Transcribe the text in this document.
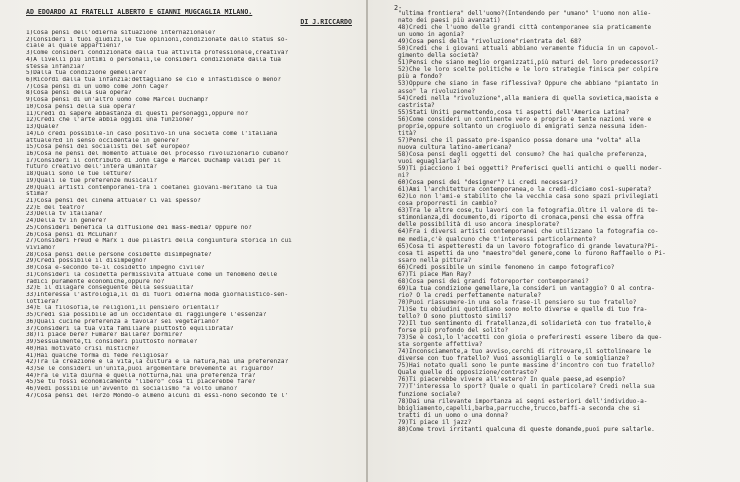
AD EDOARDO AI FRATELLI ALBERTO E GIANNI MUGCAGLIA MILANO.
DI J.RICCARDO
1)Cosa pensi dell'odierna situazione internazionale?
2)Consideri i tuoi giudizi,le tue opinioni,condizionate dallo status so-
ciale al quale appartieni?
3)Come consideri condizionate dalla tua attività professionale,creativa?
4)A livelli più intimi o personali,le consideri condizionate dalla tua
stessa infanzia?
5)Dalla tua condizione gemellare?
6)Ricordi dalla tua infanzia:dettagliano se ciò è infastidisce o meno?
7)Cosa pensi di un uomo come John Cage?
8)Cosa pensi della sua opera?
9)Cosa pensi di un'altro uomo come Marcel Duchamp?
10)Cosa pensi della sua opera?
11)Credi di sapere abbastanza di questi personaggi,oppure no?
12)Credi che l'arte abbia oggidì una funzione?
13)Quale?
14)Lo credi possibile-in caso positivo-in una società come l'italiana
attuale?Ed in senso occidentale in genere?
15)Cosa pensi dei socialisti del set europeo?
16)Cosa ne pensi del momento attuale del processo rivoluzionario cubano?
17)Consideri il contributo di John Cage e Marcel Duchamp validi per il
futuro creativo dell'intera umanità?
18)Quali sono le tue letture?
19)Quali le tue preferenze musicali?
20)Quali artisti contemporanei-tra i coetanei giovani-meritano la tua
stima?
21)Cosa pensi del cinema attuale? Ci vai spesso?
22)E del teatro?
23)Della tv italiana?
24)Della tv in genere?
25)Consideri benefica la diffusione dei mass-media? Oppure no?
26)Cosa pensi di McLuhan?
27)Consideri Freud e Marx i due pilastri della congiuntura storica in cui
viviamo?
28)Cosa pensi delle persone cosidette disimpegnate?
29)Credi possibile il disimpegno?
30)Cosa è-secondo te-il cosidetto impegno civile?
31)Consideri la cosidetta permissività attuale come un fenomeno delle
radici puramente economiche,oppure no?
32)E il dilagare conseguente della sessualità?
33)Interessa l'astrologia,il di di fuori odierna moda giornalistico-sen-
lottiera?
34)E la filosofia,le religioni,il pensiero orientali?
35)Credi sia possibile ad un occidentale di raggiungere l'essenza?
36)Quali cucine preferenza a tavola? sei vegetariano?
37)Consideri la tua vita familiare piuttosto equilibrata?
38)Ti piace bere? Fumare? Ballare? Dormire?
39)Sessualmente,ti consideri piuttosto normale?
40)Hai motivato crisi mistiche?
41)Hai qualche forma di fede religiosa?
42)Tra la creazione e la vita,la cultura e la natura,hai una preferenza?
43)Se le consideri un'unità,puoi argomentare brevemente al riguardo?
44)Fra le vita diurna e quella notturna,hai una preferenza fra?
45)Se tu fossi economicamente "libero" cosa ti piacerebbe fare?
46)Vedi possibile un'avvento di socialismo "a volto umano?
47)Cosa pensi del Terzo Mondo-o almeno alcuni di essi-nono secondo te l'
2-
"ultima frontiera" dell'uomo?(Intendendo per "umano" l'uomo non alie-
nato dei paesi più avanzati)
48)Credi che l'uomo delle grandi città contemporanee sia praticamente
un uomo in agonia?
49)Cosa pensi della "rivoluzione"rientrata del 68?
50)Credi che i giovani attuali abbiano veramente fiducia in un capovol-
gimento della società?
51)Pensi che siano meglio organizzati,più maturi del loro predecessori?
52)Che le loro scelte politiche e le loro strategie finisca per colpire
più a fondo?
53)Oppure che siano in fase riflessiva? Oppure che abbiano "piantato in
asso" la rivoluzione?
54)Credi nella "rivoluzione",alla maniera di quella sovietica,maoista e
castrista?
55)Stati Uniti permettendo,cosa ti aspetti dell'America Latina?
56)Come consideri un continente vero e proprio e tante nazioni vere e
proprie,oppure soltanto un crogiuolo di emigrati senza nessuna iden-
tità?
57)Pensi che il passato pre-ispanico possa donare una "volta" alla
nuova cultura latino-americana?
58)Cosa pensi degli oggetti del consumo? Che hai qualche preferenza,
vuoi eguagliarla?
59)Ti piacciono i bei oggetti? Preferisci quelli antichi o quelli moder-
ni?
60)Cosa pensi dei "designer"? Li credi necessari?
61)Ami l'architettura contemporanea,o la credi-diciamo così-superata?
62)Lo non l'ami-e stabilito che la vecchia casa sono spazi privilegiati
cosa proporresti in cambio?
63)Tra le altre cose,tu lavori con la fotografia.Oltre il valore di te-
stimonianza,di documento,di riporto di cronaca,pensi che essa offra
delle possibilità di uso ancora inesplorate?
64)Fra i diversi artisti contemporanei che utilizzano la fotografia co-
me media,c'è qualcuno che t'interessi particolarmente?
65)Cosa ti aspetteresti da un lavoro fotografico di grande levatura?Pi-
cosa ti aspetti da uno "maestro"del genere,come lo furono Raffaello o Pi-
ssaro nella pittura?
66)Credi possibile un simile fenomeno in campo fotografico?
67)Ti piace Man Ray?
68)Cosa pensi dei grandi fotoreporter contemporanei?
69)La tua condizione gemellare,la consideri un vantaggio? O al contra-
rio? O la credi perfettamente naturale?
70)Puoi riassumere-in una sola frase-il pensiero su tuo fratello?
71)Se tu obiudini quotidiano sono molto diverse e quelle di tuo fra-
tello? O sono piuttosto simili?
72)Il tuo sentimento di fratellanza,di solidarietà con tuo fratello,è
forse più profondo del solito?
73)Se è così,lo l'accetti con gioia o preferiresti essere libero da que-
sta sorgente affettiva?
74)Inconsciamente,a tuo avviso,cerchi di ritrovare,il sottolineare le
diverse con tuo fratello? Vuoi assomigliargli o le somiglianze?
75)Hai notato quali sono le punte massime d'incontro con tuo fratello?
Quale quelle di opposizione/contrasto?
76)Ti piacerebbe vivere all'estero? In quale paese,ad esempio?
77)T'interessa lo sport? Quale o quali in particolare? Credi nella sua
funzione sociale?
78)Dai una rilevante importanza ai segni esteriori dell'individuo-a-
bbigliamento,capelli,barba,parrucche,trucco,baffi-a seconda che si
tratti di un uomo o una donna?
79)Ti piace il jazz?
80)Come trovi irritanti qualcuna di queste domande,puoi pure saltarle.
